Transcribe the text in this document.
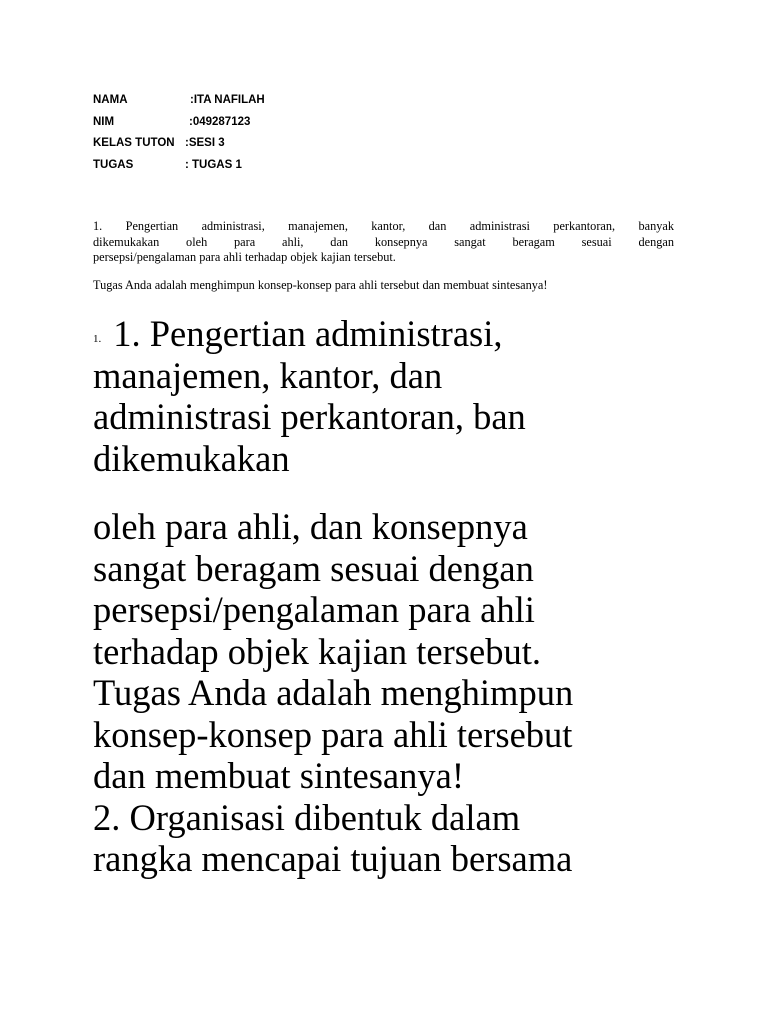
NAMA	:ITA NAFILAH
NIM	:049287123
KELAS TUTON :SESI 3
TUGAS	: TUGAS 1
1. Pengertian administrasi, manajemen, kantor, dan administrasi perkantoran, banyak
dikemukakan oleh para ahli, dan konsepnya sangat beragam sesuai dengan
persepsi/pengalaman para ahli terhadap objek kajian tersebut.
Tugas Anda adalah menghimpun konsep-konsep para ahli tersebut dan membuat sintesanya!
1. 1. Pengertian administrasi,
manajemen, kantor, dan
administrasi perkantoran, ban
dikemukakan
oleh para ahli, dan konsepnya
sangat beragam sesuai dengan
persepsi/pengalaman para ahli
terhadap objek kajian tersebut.
Tugas Anda adalah menghimpun
konsep-konsep para ahli tersebut
dan membuat sintesanya!
2. Organisasi dibentuk dalam
rangka mencapai tujuan bersama
